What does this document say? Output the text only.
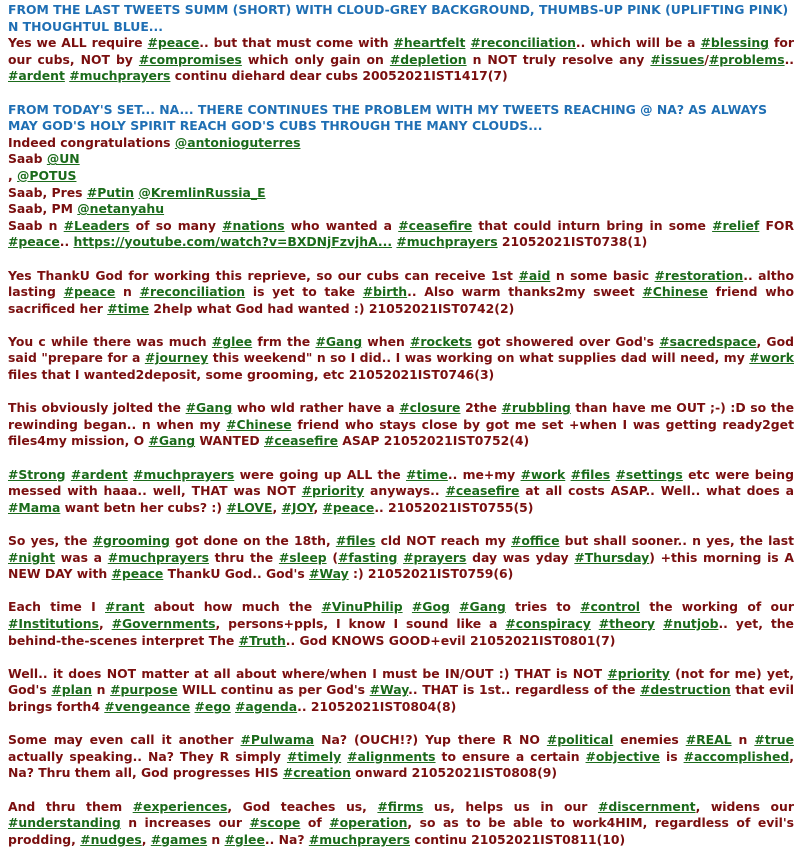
FROM THE LAST TWEETS SUMM (SHORT) WITH CLOUD-GREY BACKGROUND, THUMBS-UP PINK (UPLIFTING PINK) N THOUGHTUL BLUE...
Yes we ALL require #peace.. but that must come with #heartfelt #reconciliation.. which will be a #blessing for our cubs, NOT by #compromises which only gain on #depletion n NOT truly resolve any #issues/#problems.. #ardent #muchprayers continu diehard dear cubs 20052021IST1417(7)
FROM TODAY'S SET... NA... THERE CONTINUES THE PROBLEM WITH MY TWEETS REACHING @ NA? AS ALWAYS MAY GOD'S HOLY SPIRIT REACH GOD'S CUBS THROUGH THE MANY CLOUDS...
Indeed congratulations @antonioguterres
Saab @UN
, @POTUS
Saab, Pres #Putin @KremlinRussia_E
Saab, PM @netanyahu
Saab n #Leaders of so many #nations who wanted a #ceasefire that could inturn bring in some #relief FOR #peace.. https://youtube.com/watch?v=BXDNjFzvjhA... #muchprayers 21052021IST0738(1)
Yes ThankU God for working this reprieve, so our cubs can receive 1st #aid n some basic #restoration.. altho lasting #peace n #reconciliation is yet to take #birth.. Also warm thanks2my sweet #Chinese friend who sacrificed her #time 2help what God had wanted :) 21052021IST0742(2)
You c while there was much #glee frm the #Gang when #rockets got showered over God's #sacredspace, God said "prepare for a #journey this weekend" n so I did.. I was working on what supplies dad will need, my #work files that I wanted2deposit, some grooming, etc 21052021IST0746(3)
This obviously jolted the #Gang who wld rather have a #closure 2the #rubbling than have me OUT ;-) :D so the rewinding began.. n when my #Chinese friend who stays close by got me set +when I was getting ready2get files4my mission, O #Gang WANTED #ceasefire ASAP 21052021IST0752(4)
#Strong #ardent #muchprayers were going up ALL the #time.. me+my #work #files #settings etc were being messed with haaa.. well, THAT was NOT #priority anyways.. #ceasefire at all costs ASAP.. Well.. what does a #Mama want betn her cubs? :) #LOVE, #JOY, #peace.. 21052021IST0755(5)
So yes, the #grooming got done on the 18th, #files cld NOT reach my #office but shall sooner.. n yes, the last #night was a #muchprayers thru the #sleep (#fasting #prayers day was yday #Thursday) +this morning is A NEW DAY with #peace ThankU God.. God's #Way :) 21052021IST0759(6)
Each time I #rant about how much the #VinuPhilip #Gog #Gang tries to #control the working of our #Institutions, #Governments, persons+ppls, I know I sound like a #conspiracy #theory #nutjob.. yet, the behind-the-scenes interpret The #Truth.. God KNOWS GOOD+evil 21052021IST0801(7)
Well.. it does NOT matter at all about where/when I must be IN/OUT :) THAT is NOT #priority (not for me) yet, God's #plan n #purpose WILL continu as per God's #Way.. THAT is 1st.. regardless of the #destruction that evil brings forth4 #vengeance #ego #agenda.. 21052021IST0804(8)
Some may even call it another #Pulwama Na? (OUCH!?) Yup there R NO #political enemies #REAL n #true actually speaking.. Na? They R simply #timely #alignments to ensure a certain #objective is #accomplished, Na? Thru them all, God progresses HIS #creation onward 21052021IST0808(9)
And thru them #experiences, God teaches us, #firms us, helps us in our #discernment, widens our #understanding n increases our #scope of #operation, so as to be able to work4HIM, regardless of evil's prodding, #nudges, #games n #glee.. Na? #muchprayers continu 21052021IST0811(10)
